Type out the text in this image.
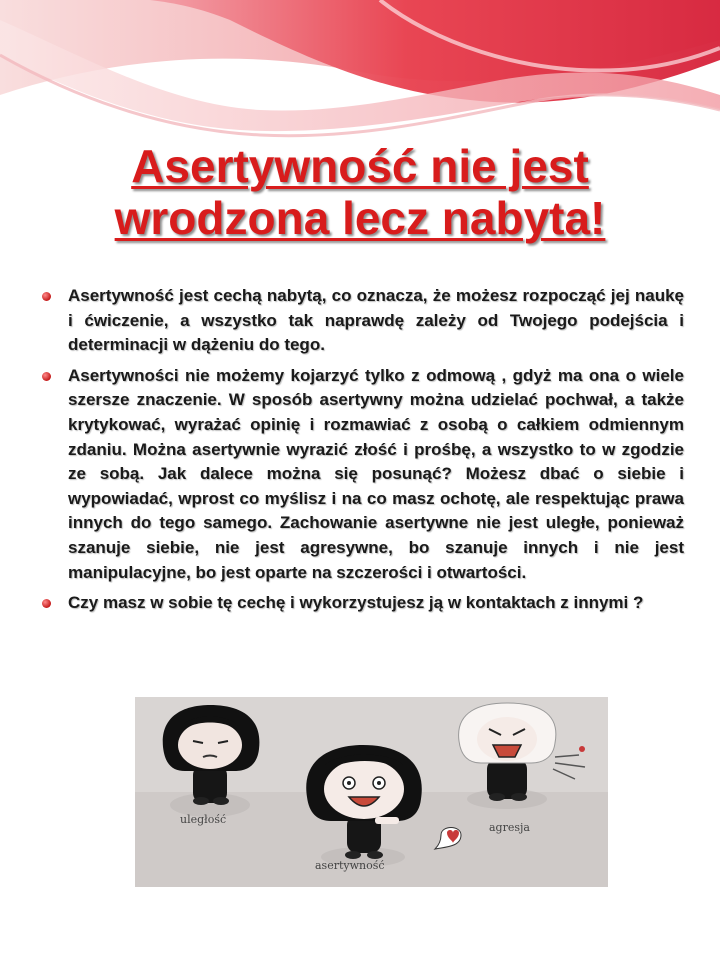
Asertywność nie jest
wrodzona lecz nabyta!
Asertywność jest cechą nabytą, co oznacza, że możesz rozpocząć jej naukę i ćwiczenie, a wszystko tak naprawdę zależy od Twojego podejścia i determinacji w dążeniu do tego.
Asertywności nie możemy kojarzyć tylko z odmową , gdyż ma ona o wiele szersze znaczenie. W sposób asertywny można udzielać pochwał, a także krytykować, wyrażać opinię i rozmawiać z osobą o całkiem odmiennym zdaniu. Można asertywnie wyrazić złość i prośbę, a wszystko to w zgodzie ze sobą. Jak dalece można się posunąć? Możesz dbać o siebie i wypowiadać, wprost co myślisz i na co masz ochotę, ale respektując prawa innych do tego samego. Zachowanie asertywne nie jest uległe, ponieważ szanuje siebie, nie jest agresywne, bo szanuje innych i nie jest manipulacyjne, bo jest oparte na szczerości i otwartości.
Czy masz w sobie tę cechę i wykorzystujesz ją w kontaktach z innymi ?
uległość
asertywność
agresja
